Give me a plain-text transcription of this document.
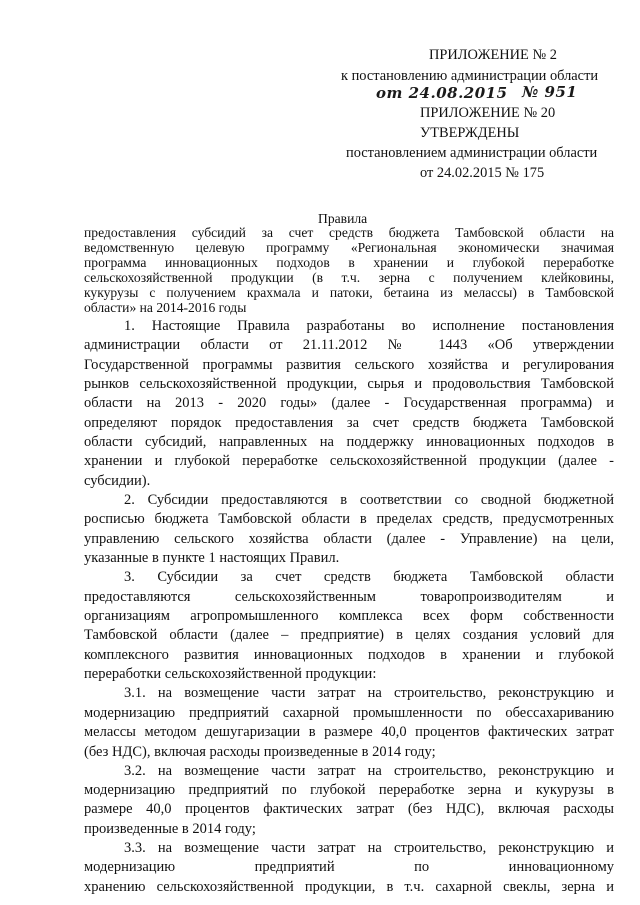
ПРИЛОЖЕНИЕ № 2
к постановлению администрации области
от 24.08.2015 № 951
ПРИЛОЖЕНИЕ № 20
УТВЕРЖДЕНЫ
постановлением администрации области
от 24.02.2015 № 175
Правила
предоставления субсидий за счет средств бюджета Тамбовской области на
ведомственную целевую программу «Региональная экономически значимая
программа инновационных подходов в хранении и глубокой переработке
сельскохозяйственной продукции (в т.ч. зерна с получением клейковины,
кукурузы с получением крахмала и патоки, бетаина из мелассы) в Тамбовской
области» на 2014-2016 годы
1. Настоящие Правила разработаны во исполнение постановления
администрации области от 21.11.2012 № 1443 «Об утверждении
Государственной программы развития сельского хозяйства и регулирования
рынков сельскохозяйственной продукции, сырья и продовольствия Тамбовской
области на 2013 - 2020 годы» (далее - Государственная программа) и
определяют порядок предоставления за счет средств бюджета Тамбовской
области субсидий, направленных на поддержку инновационных подходов в
хранении и глубокой переработке сельскохозяйственной продукции (далее -
субсидии).
2. Субсидии предоставляются в соответствии со сводной бюджетной
росписью бюджета Тамбовской области в пределах средств, предусмотренных
управлению сельского хозяйства области (далее - Управление) на цели,
указанные в пункте 1 настоящих Правил.
3. Субсидии за счет средств бюджета Тамбовской области
предоставляются сельскохозяйственным товаропроизводителям и
организациям агропромышленного комплекса всех форм собственности
Тамбовской области (далее – предприятие) в целях создания условий для
комплексного развития инновационных подходов в хранении и глубокой
переработки сельскохозяйственной продукции:
3.1. на возмещение части затрат на строительство, реконструкцию и
модернизацию предприятий сахарной промышленности по обессахариванию
мелассы методом дешугаризации в размере 40,0 процентов фактических затрат
(без НДС), включая расходы произведенные в 2014 году;
3.2. на возмещение части затрат на строительство, реконструкцию и
модернизацию предприятий по глубокой переработке зерна и кукурузы в
размере 40,0 процентов фактических затрат (без НДС), включая расходы
произведенные в 2014 году;
3.3. на возмещение части затрат на строительство, реконструкцию и
модернизацию предприятий по инновационному
хранению сельскохозяйственной продукции, в т.ч. сахарной свеклы, зерна и
